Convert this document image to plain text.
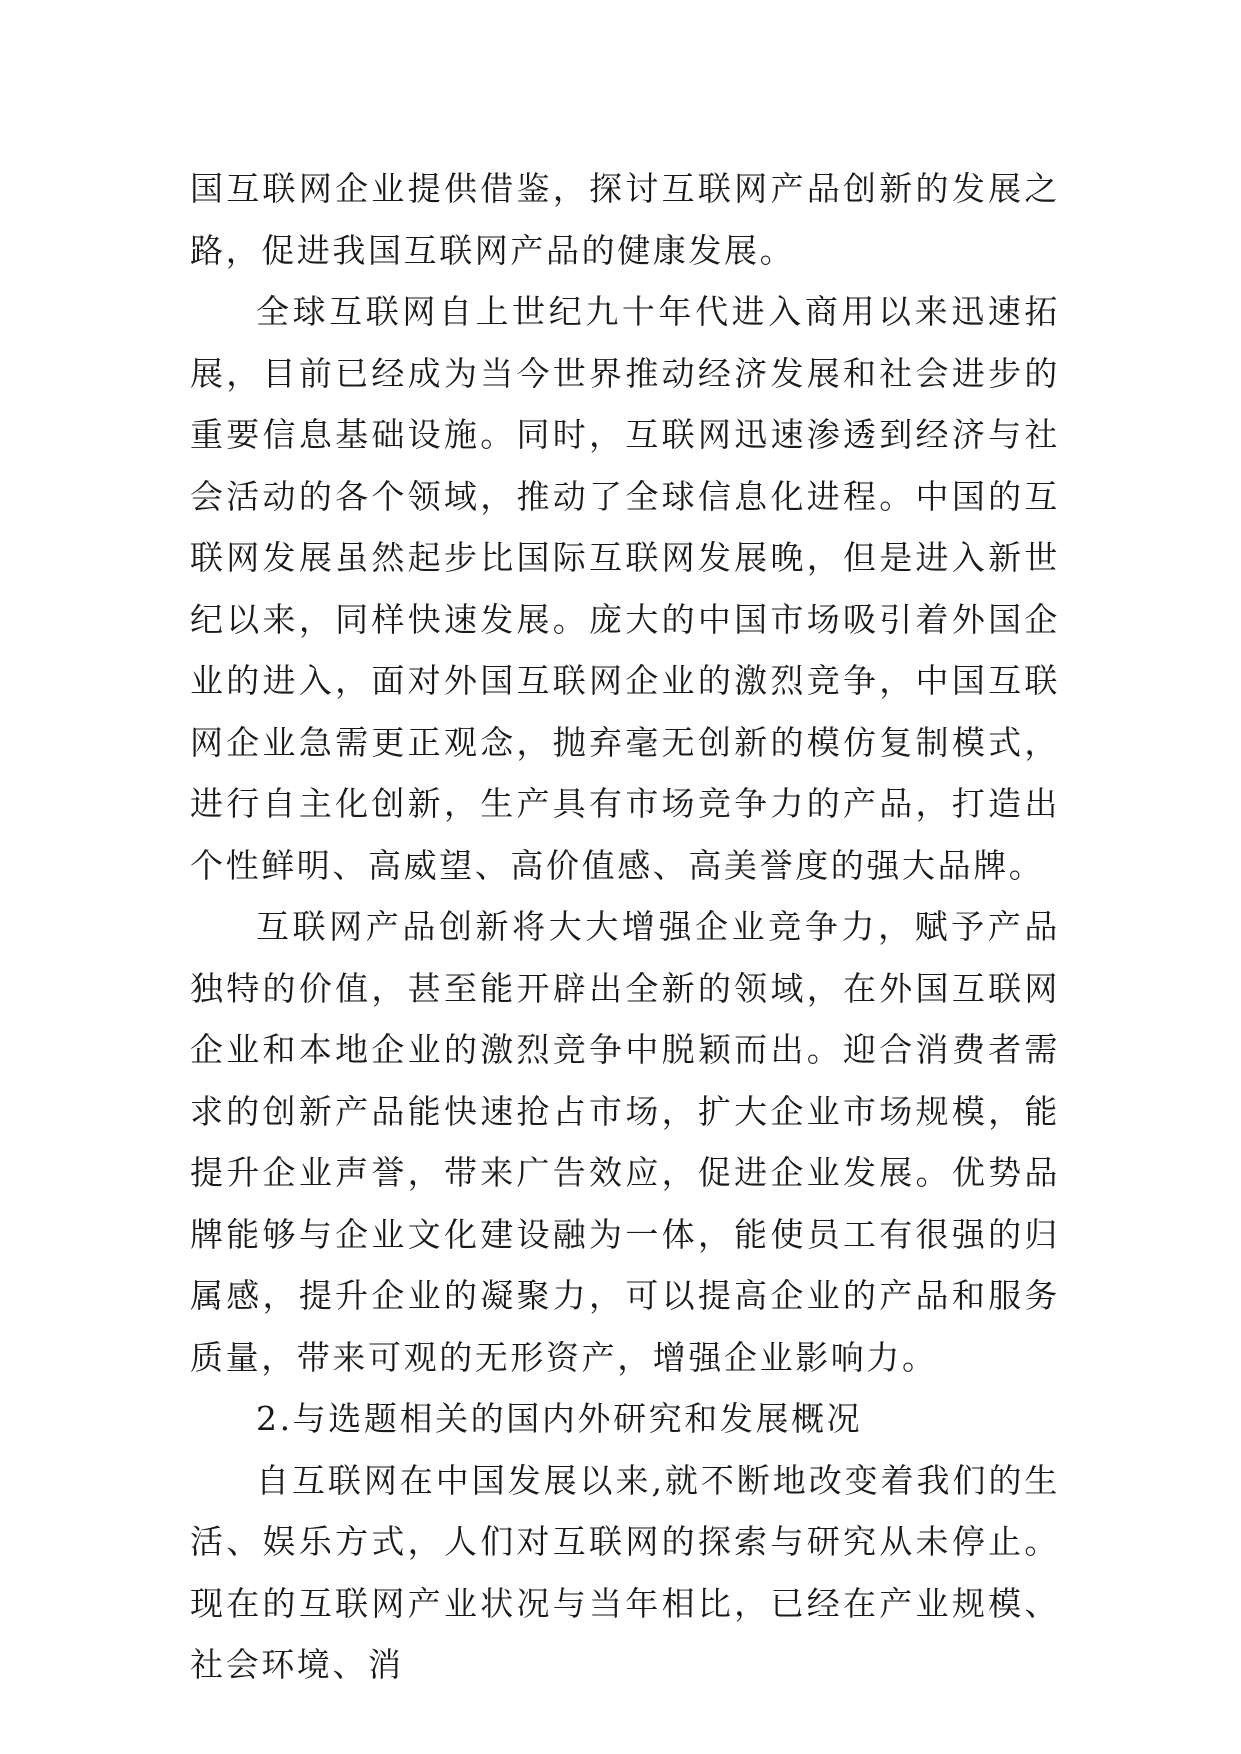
国互联网企业提供借鉴，探讨互联网产品创新的发展之路，促进我国互联网产品的健康发展。

全球互联网自上世纪九十年代进入商用以来迅速拓展，目前已经成为当今世界推动经济发展和社会进步的重要信息基础设施。同时，互联网迅速渗透到经济与社会活动的各个领域，推动了全球信息化进程。中国的互联网发展虽然起步比国际互联网发展晚，但是进入新世纪以来，同样快速发展。庞大的中国市场吸引着外国企业的进入，面对外国互联网企业的激烈竞争，中国互联网企业急需更正观念，抛弃毫无创新的模仿复制模式，进行自主化创新，生产具有市场竞争力的产品，打造出个性鲜明、高威望、高价值感、高美誉度的强大品牌。

互联网产品创新将大大增强企业竞争力，赋予产品独特的价值，甚至能开辟出全新的领域，在外国互联网企业和本地企业的激烈竞争中脱颖而出。迎合消费者需求的创新产品能快速抢占市场，扩大企业市场规模，能提升企业声誉，带来广告效应，促进企业发展。优势品牌能够与企业文化建设融为一体，能使员工有很强的归属感，提升企业的凝聚力，可以提高企业的产品和服务质量，带来可观的无形资产，增强企业影响力。

2.与选题相关的国内外研究和发展概况

自互联网在中国发展以来,就不断地改变着我们的生活、娱乐方式，人们对互联网的探索与研究从未停止。现在的互联网产业状况与当年相比，已经在产业规模、社会环境、消
